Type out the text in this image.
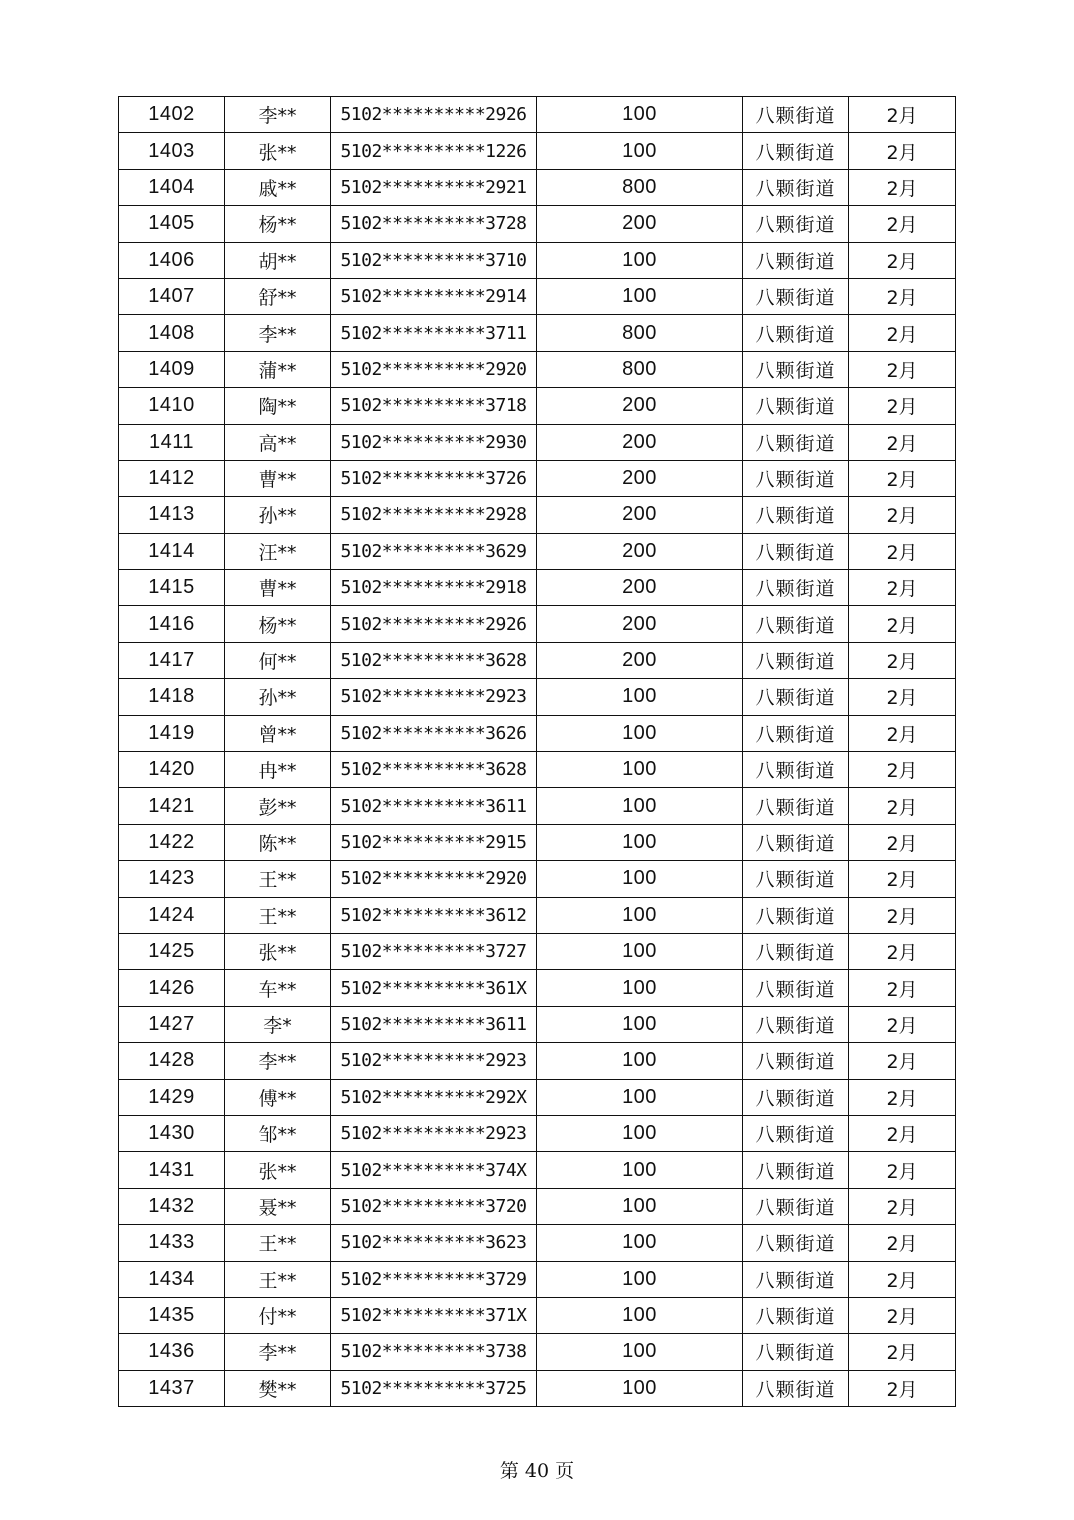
1402	李**	5102**********2926	100	八颗街道	2月
1403	张**	5102**********1226	100	八颗街道	2月
1404	戚**	5102**********2921	800	八颗街道	2月
1405	杨**	5102**********3728	200	八颗街道	2月
1406	胡**	5102**********3710	100	八颗街道	2月
1407	舒**	5102**********2914	100	八颗街道	2月
1408	李**	5102**********3711	800	八颗街道	2月
1409	蒲**	5102**********2920	800	八颗街道	2月
1410	陶**	5102**********3718	200	八颗街道	2月
1411	高**	5102**********2930	200	八颗街道	2月
1412	曹**	5102**********3726	200	八颗街道	2月
1413	孙**	5102**********2928	200	八颗街道	2月
1414	汪**	5102**********3629	200	八颗街道	2月
1415	曹**	5102**********2918	200	八颗街道	2月
1416	杨**	5102**********2926	200	八颗街道	2月
1417	何**	5102**********3628	200	八颗街道	2月
1418	孙**	5102**********2923	100	八颗街道	2月
1419	曾**	5102**********3626	100	八颗街道	2月
1420	冉**	5102**********3628	100	八颗街道	2月
1421	彭**	5102**********3611	100	八颗街道	2月
1422	陈**	5102**********2915	100	八颗街道	2月
1423	王**	5102**********2920	100	八颗街道	2月
1424	王**	5102**********3612	100	八颗街道	2月
1425	张**	5102**********3727	100	八颗街道	2月
1426	车**	5102**********361X	100	八颗街道	2月
1427	李*	5102**********3611	100	八颗街道	2月
1428	李**	5102**********2923	100	八颗街道	2月
1429	傅**	5102**********292X	100	八颗街道	2月
1430	邹**	5102**********2923	100	八颗街道	2月
1431	张**	5102**********374X	100	八颗街道	2月
1432	聂**	5102**********3720	100	八颗街道	2月
1433	王**	5102**********3623	100	八颗街道	2月
1434	王**	5102**********3729	100	八颗街道	2月
1435	付**	5102**********371X	100	八颗街道	2月
1436	李**	5102**********3738	100	八颗街道	2月
1437	樊**	5102**********3725	100	八颗街道	2月
第 40 页
